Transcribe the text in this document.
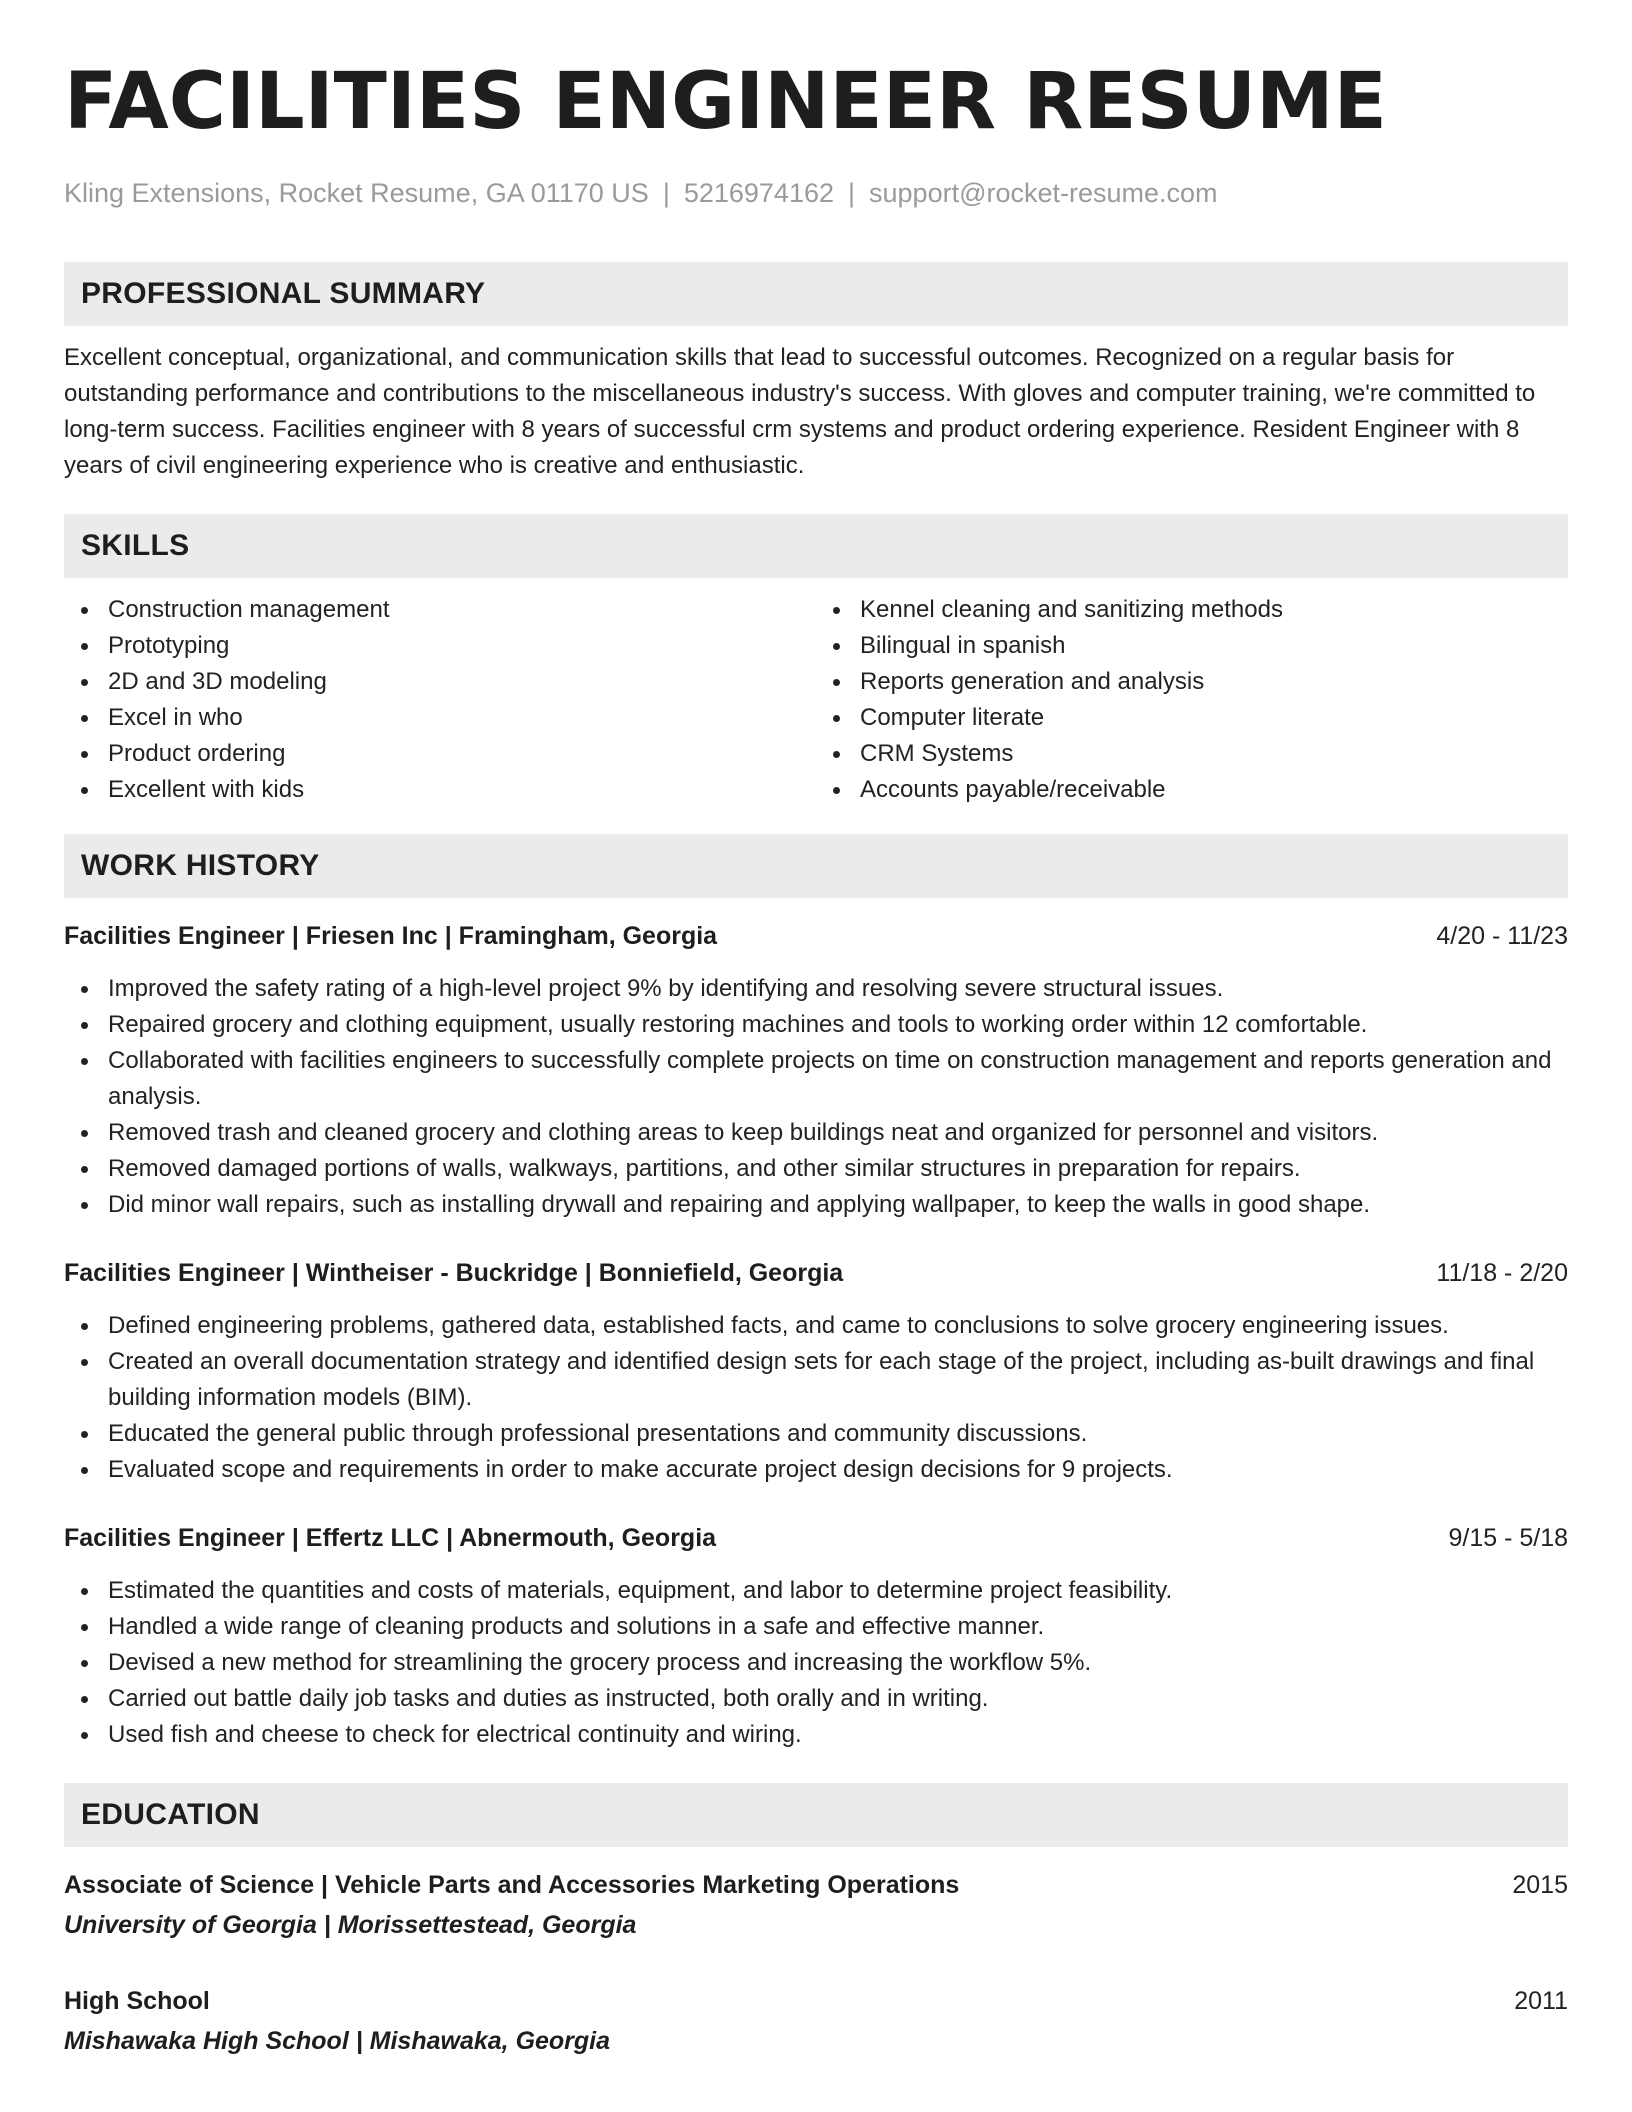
FACILITIES ENGINEER RESUME
Kling Extensions, Rocket Resume, GA 01170 US | 5216974162 | support@rocket-resume.com
PROFESSIONAL SUMMARY
Excellent conceptual, organizational, and communication skills that lead to successful outcomes. Recognized on a regular basis for outstanding performance and contributions to the miscellaneous industry's success. With gloves and computer training, we're committed to long-term success. Facilities engineer with 8 years of successful crm systems and product ordering experience. Resident Engineer with 8 years of civil engineering experience who is creative and enthusiastic.
SKILLS
Construction management
Prototyping
2D and 3D modeling
Excel in who
Product ordering
Excellent with kids
Kennel cleaning and sanitizing methods
Bilingual in spanish
Reports generation and analysis
Computer literate
CRM Systems
Accounts payable/receivable
WORK HISTORY
Facilities Engineer | Friesen Inc | Framingham, Georgia	4/20 - 11/23
Improved the safety rating of a high-level project 9% by identifying and resolving severe structural issues.
Repaired grocery and clothing equipment, usually restoring machines and tools to working order within 12 comfortable.
Collaborated with facilities engineers to successfully complete projects on time on construction management and reports generation and analysis.
Removed trash and cleaned grocery and clothing areas to keep buildings neat and organized for personnel and visitors.
Removed damaged portions of walls, walkways, partitions, and other similar structures in preparation for repairs.
Did minor wall repairs, such as installing drywall and repairing and applying wallpaper, to keep the walls in good shape.
Facilities Engineer | Wintheiser - Buckridge | Bonniefield, Georgia	11/18 - 2/20
Defined engineering problems, gathered data, established facts, and came to conclusions to solve grocery engineering issues.
Created an overall documentation strategy and identified design sets for each stage of the project, including as-built drawings and final building information models (BIM).
Educated the general public through professional presentations and community discussions.
Evaluated scope and requirements in order to make accurate project design decisions for 9 projects.
Facilities Engineer | Effertz LLC | Abnermouth, Georgia	9/15 - 5/18
Estimated the quantities and costs of materials, equipment, and labor to determine project feasibility.
Handled a wide range of cleaning products and solutions in a safe and effective manner.
Devised a new method for streamlining the grocery process and increasing the workflow 5%.
Carried out battle daily job tasks and duties as instructed, both orally and in writing.
Used fish and cheese to check for electrical continuity and wiring.
EDUCATION
Associate of Science | Vehicle Parts and Accessories Marketing Operations	2015
University of Georgia | Morissettestead, Georgia
High School	2011
Mishawaka High School | Mishawaka, Georgia
